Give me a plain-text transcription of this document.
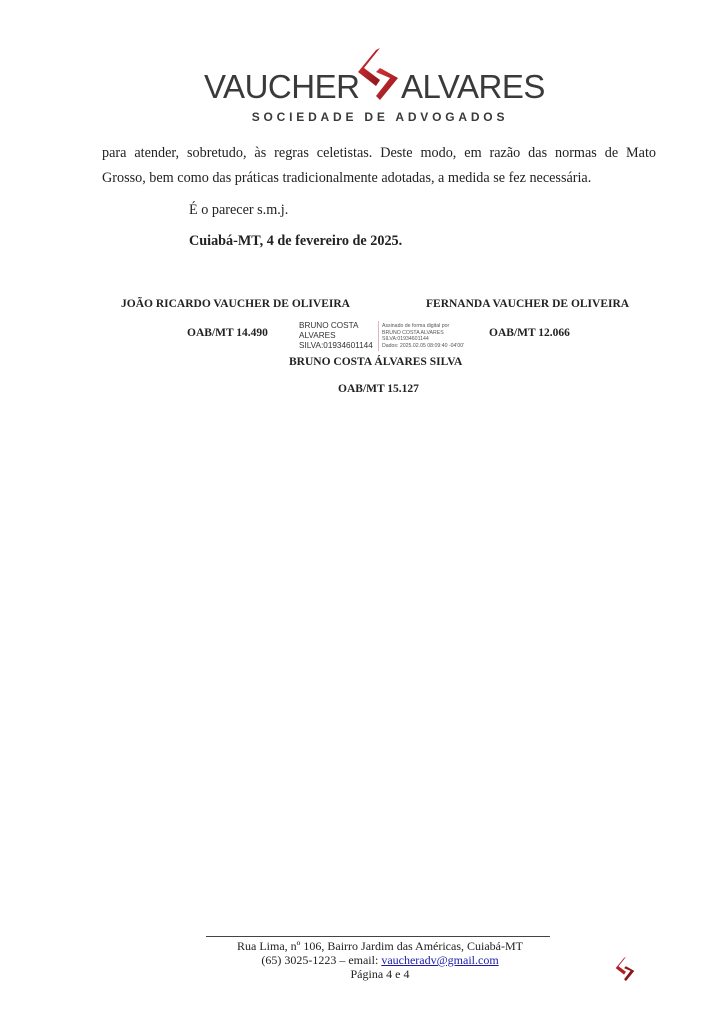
VAUCHER ALVARES
SOCIEDADE DE ADVOGADOS
para atender, sobretudo, às regras celetistas. Deste modo, em razão das normas de Mato
Grosso, bem como das práticas tradicionalmente adotadas, a medida se fez necessária.
É o parecer s.m.j.
Cuiabá-MT, 4 de fevereiro de 2025.
JOÃO RICARDO VAUCHER DE OLIVEIRA	FERNANDA VAUCHER DE OLIVEIRA
OAB/MT 14.490
BRUNO COSTA
ALVARES
SILVA:01934601144
Assinado de forma digital por
BRUNO COSTA ALVARES
SILVA:01934601144
Dados: 2025.02.05 08:09:40 -04'00'
OAB/MT 12.066
BRUNO COSTA ÁLVARES SILVA
OAB/MT 15.127
Rua Lima, nº 106, Bairro Jardim das Américas, Cuiabá-MT
(65) 3025-1223 – email: vaucheradv@gmail.com
Página 4 e 4
